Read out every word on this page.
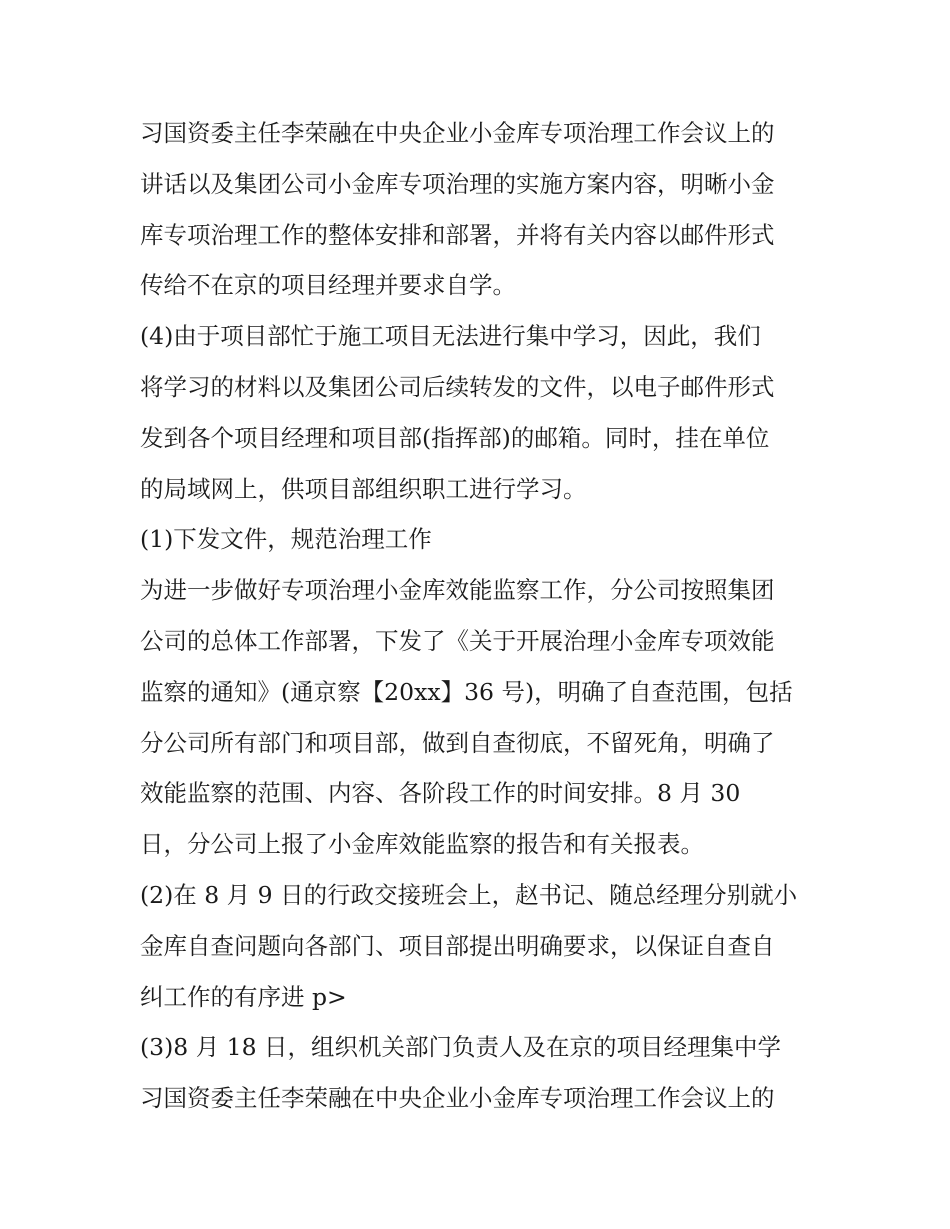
习国资委主任李荣融在中央企业小金库专项治理工作会议上的
讲话以及集团公司小金库专项治理的实施方案内容，明晰小金
库专项治理工作的整体安排和部署，并将有关内容以邮件形式
传给不在京的项目经理并要求自学。
(4)由于项目部忙于施工项目无法进行集中学习，因此，我们
将学习的材料以及集团公司后续转发的文件，以电子邮件形式
发到各个项目经理和项目部(指挥部)的邮箱。同时，挂在单位
的局域网上，供项目部组织职工进行学习。
(1)下发文件，规范治理工作
为进一步做好专项治理小金库效能监察工作，分公司按照集团
公司的总体工作部署，下发了《关于开展治理小金库专项效能
监察的通知》(通京察【20xx】36 号)，明确了自查范围，包括
分公司所有部门和项目部，做到自查彻底，不留死角，明确了
效能监察的范围、内容、各阶段工作的时间安排。8 月 30
日，分公司上报了小金库效能监察的报告和有关报表。
(2)在 8 月 9 日的行政交接班会上，赵书记、随总经理分别就小
金库自查问题向各部门、项目部提出明确要求，以保证自查自
纠工作的有序进 p>
(3)8 月 18 日，组织机关部门负责人及在京的项目经理集中学
习国资委主任李荣融在中央企业小金库专项治理工作会议上的
